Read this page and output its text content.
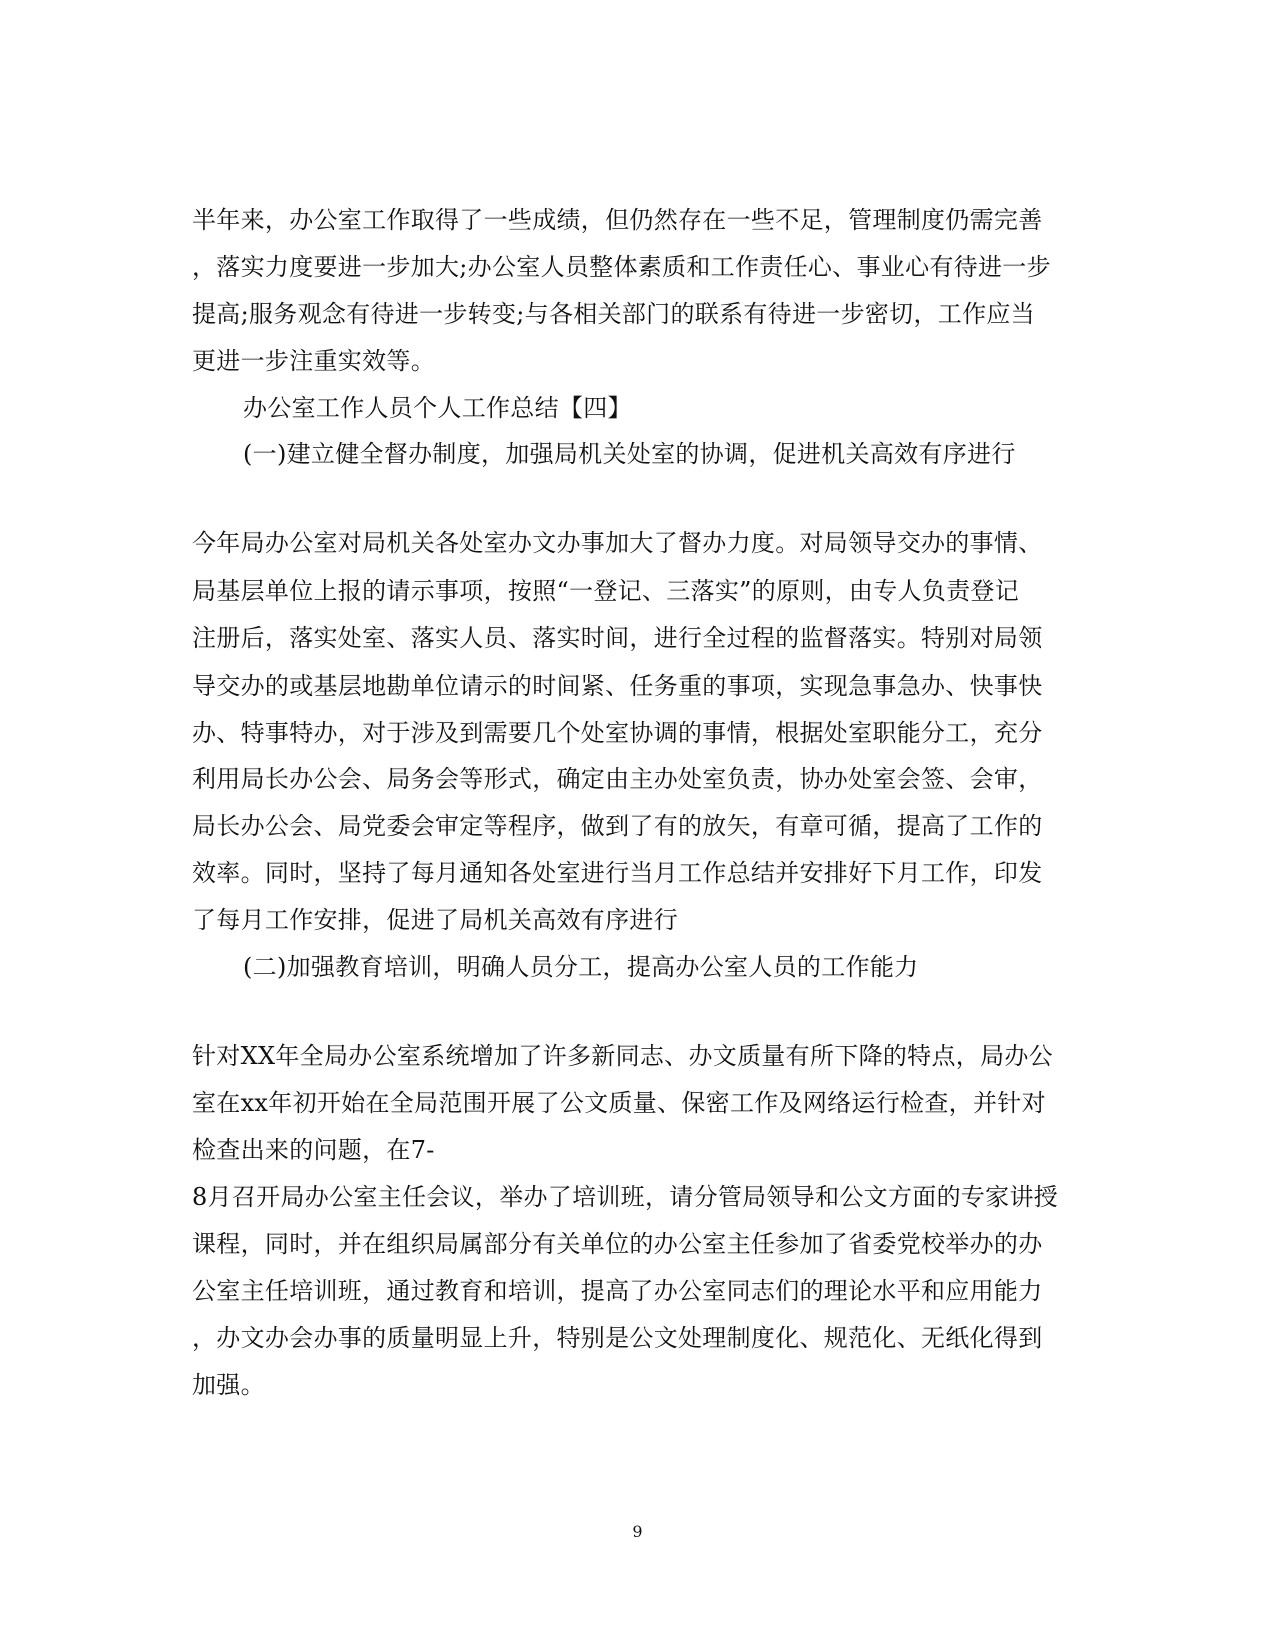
半年来，办公室工作取得了一些成绩，但仍然存在一些不足，管理制度仍需完善
，落实力度要进一步加大;办公室人员整体素质和工作责任心、事业心有待进一步
提高;服务观念有待进一步转变;与各相关部门的联系有待进一步密切，工作应当
更进一步注重实效等。
办公室工作人员个人工作总结【四】
(一)建立健全督办制度，加强局机关处室的协调，促进机关高效有序进行
今年局办公室对局机关各处室办文办事加大了督办力度。对局领导交办的事情、
局基层单位上报的请示事项，按照“一登记、三落实”的原则，由专人负责登记
注册后，落实处室、落实人员、落实时间，进行全过程的监督落实。特别对局领
导交办的或基层地勘单位请示的时间紧、任务重的事项，实现急事急办、快事快
办、特事特办，对于涉及到需要几个处室协调的事情，根据处室职能分工，充分
利用局长办公会、局务会等形式，确定由主办处室负责，协办处室会签、会审，
局长办公会、局党委会审定等程序，做到了有的放矢，有章可循，提高了工作的
效率。同时，坚持了每月通知各处室进行当月工作总结并安排好下月工作，印发
了每月工作安排，促进了局机关高效有序进行
(二)加强教育培训，明确人员分工，提高办公室人员的工作能力
针对XX年全局办公室系统增加了许多新同志、办文质量有所下降的特点，局办公
室在xx年初开始在全局范围开展了公文质量、保密工作及网络运行检查，并针对
检查出来的问题，在7-
8月召开局办公室主任会议，举办了培训班，请分管局领导和公文方面的专家讲授
课程，同时，并在组织局属部分有关单位的办公室主任参加了省委党校举办的办
公室主任培训班，通过教育和培训，提高了办公室同志们的理论水平和应用能力
，办文办会办事的质量明显上升，特别是公文处理制度化、规范化、无纸化得到
加强。
9
